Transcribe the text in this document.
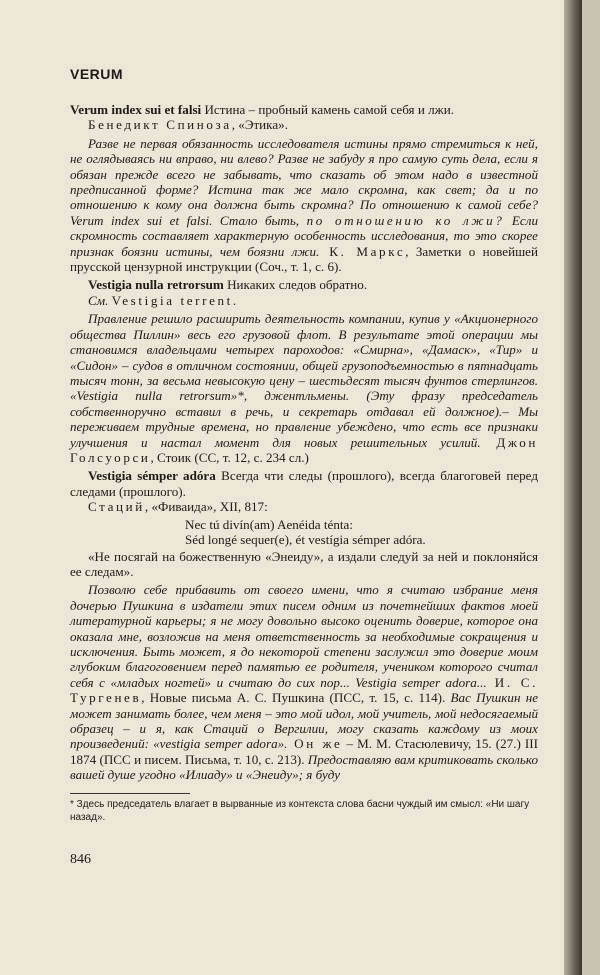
VERUM

Verum index sui et falsi Истина – пробный камень самой себя и лжи.

Бенедикт Спиноза, «Этика».

Разве не первая обязанность исследователя истины прямо стремиться к ней, не оглядываясь ни вправо, ни влево? Разве не забуду я про самую суть дела, если я обязан прежде всего не забывать, что сказать об этом надо в известной предписанной форме? Истина так же мало скромна, как свет; да и по отношению к кому она должна быть скромна? По отношению к самой себе? Verum index sui et falsi. Стало быть, по отношению ко лжи? Если скромность составляет характерную особенность исследования, то это скорее признак боязни истины, чем боязни лжи. К. Маркс, Заметки о новейшей прусской цензурной инструкции (Соч., т. 1, с. 6).

Vestigia nulla retrorsum Никаких следов обратно.

См. Vestigia terrent.

Правление решило расширить деятельность компании, купив у «Акционерного общества Пиллин» весь его грузовой флот. В результате этой операции мы становимся владельцами четырех пароходов: «Смирна», «Дамаск», «Тир» и «Сидон» – судов в отличном состоянии, общей грузоподъемностью в пятнадцать тысяч тонн, за весьма невысокую цену – шестьдесят тысяч фунтов стерлингов. «Vestigia nulla retrorsum»*, джентльмены. (Эту фразу председатель собственноручно вставил в речь, и секретарь отдавал ей должное).– Мы переживаем трудные времена, но правление убеждено, что есть все признаки улучшения и настал момент для новых решительных усилий. Джон Голсуорси, Стоик (СС, т. 12, с. 234 сл.)

Vestigia sémper adóra Всегда чти следы (прошлого), всегда благоговей перед следами (прошлого).

Стаций, «Фиваида», XII, 817:

Nec tú divín(am) Aenéida ténta:
Séd longé sequer(e), ét vestígia sémper adóra.

«Не посягай на божественную «Энеиду», а издали следуй за ней и поклоняйся ее следам».

Позволю себе прибавить от своего имени, что я считаю избрание меня дочерью Пушкина в издатели этих писем одним из почетнейших фактов моей литературной карьеры; я не могу довольно высоко оценить доверие, которое она оказала мне, возложив на меня ответственность за необходимые сокращения и исключения. Быть может, я до некоторой степени заслужил это доверие моим глубоким благоговением перед памятью ее родителя, учеником которого считал себя с «младых ногтей» и считаю до сих пор... Vestigia semper adora... И. С. Тургенев, Новые письма А. С. Пушкина (ПСС, т. 15, с. 114). Вас Пушкин не может занимать более, чем меня – это мой идол, мой учитель, мой недосягаемый образец – и я, как Стаций о Вергилии, могу сказать каждому из моих произведений: «vestigia semper adora». Он же – М. М. Стасюлевичу, 15. (27.) III 1874 (ПСС и писем. Письма, т. 10, с. 213). Предоставляю вам критиковать сколько вашей душе угодно «Илиаду» и «Энеиду»; я буду

* Здесь председатель влагает в вырванные из контекста слова басни чуждый им смысл: «Ни шагу назад».
846
